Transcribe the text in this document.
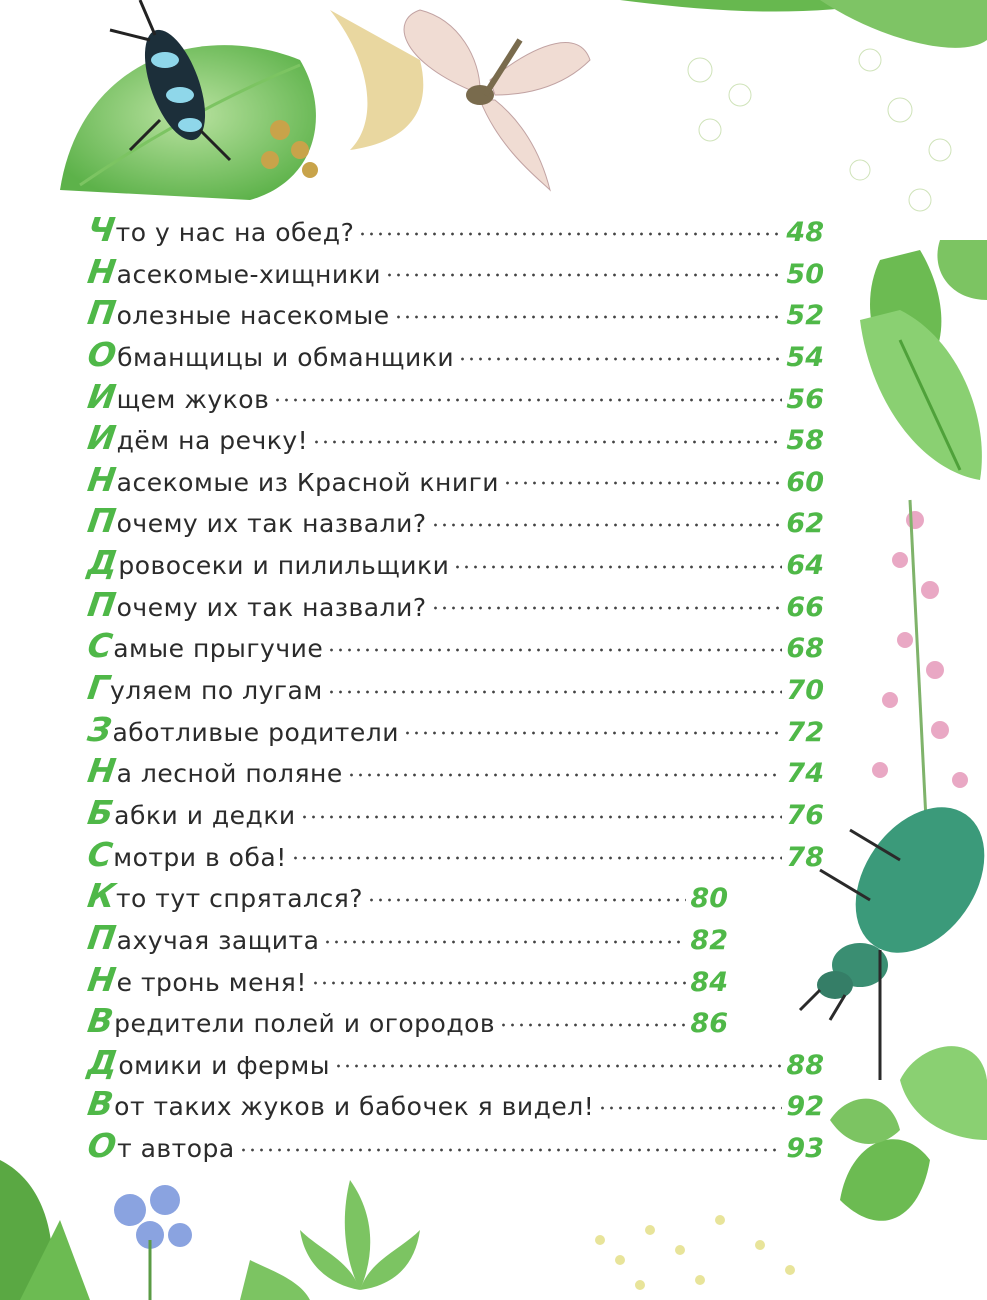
Ч
то у нас на обед?	48
Н
асекомые-хищники	50
П
олезные насекомые	52
О
бманщицы и обманщики	54
И
щем жуков	56
И
дём на речку!	58
Н
асекомые из Красной книги	60
П
очему их так назвали?	62
Д
ровосеки и пилильщики	64
П
очему их так назвали?	66
С
амые прыгучие	68
Г
уляем по лугам	70
З
аботливые родители	72
Н
а лесной поляне	74
Б
абки и дедки	76
С
мотри в оба!	78
К
то тут спрятался?	80
П
ахучая защита	82
Н
е тронь меня!	84
В
редители полей и огородов	86
Д
омики и фермы	88
В
от таких жуков и бабочек я видел!	92
О
т автора	93
